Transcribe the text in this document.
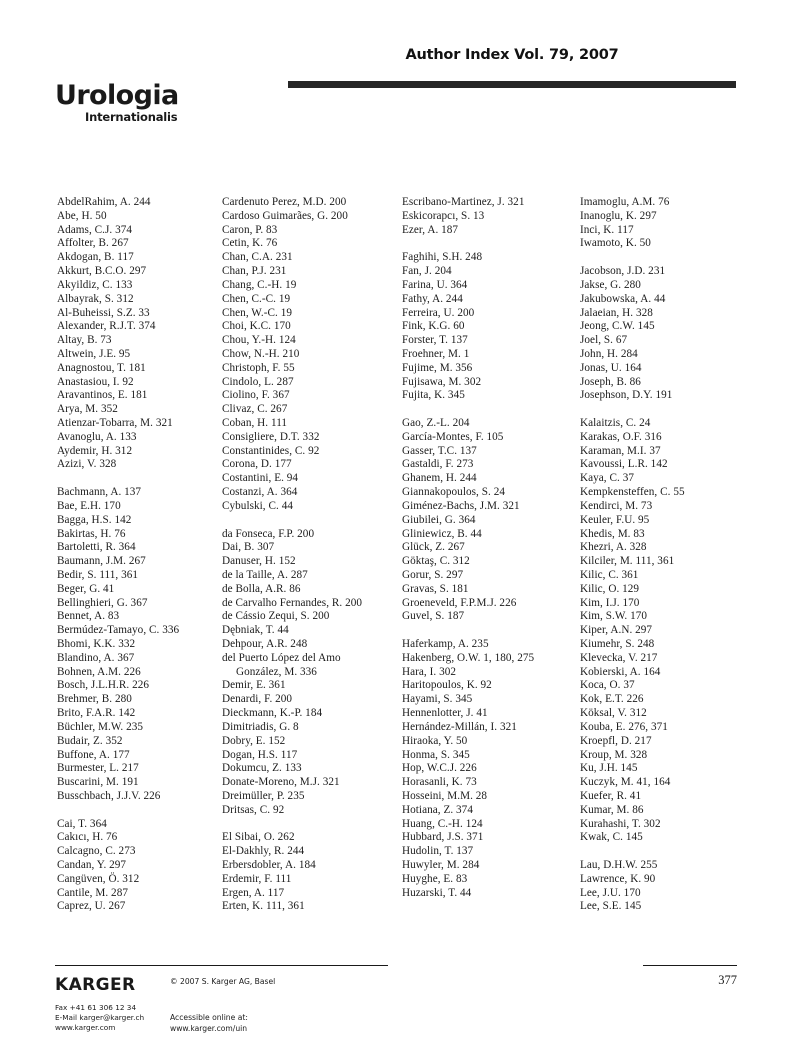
Urologia
Internationalis
Author Index Vol. 79, 2007
AbdelRahim, A. 244
Abe, H. 50
Adams, C.J. 374
Affolter, B. 267
Akdogan, B. 117
Akkurt, B.C.O. 297
Akyildiz, C. 133
Albayrak, S. 312
Al-Buheissi, S.Z. 33
Alexander, R.J.T. 374
Altay, B. 73
Altwein, J.E. 95
Anagnostou, T. 181
Anastasiou, I. 92
Aravantinos, E. 181
Arya, M. 352
Atienzar-Tobarra, M. 321
Avanoglu, A. 133
Aydemir, H. 312
Azizi, V. 328
Bachmann, A. 137
Bae, E.H. 170
Bagga, H.S. 142
Bakirtas, H. 76
Bartoletti, R. 364
Baumann, J.M. 267
Bedir, S. 111, 361
Beger, G. 41
Bellinghieri, G. 367
Bennet, A. 83
Bermúdez-Tamayo, C. 336
Bhomi, K.K. 332
Blandino, A. 367
Bohnen, A.M. 226
Bosch, J.L.H.R. 226
Brehmer, B. 280
Brito, F.A.R. 142
Büchler, M.W. 235
Budair, Z. 352
Buffone, A. 177
Burmester, L. 217
Buscarini, M. 191
Busschbach, J.J.V. 226
Cai, T. 364
Cakıcı, H. 76
Calcagno, C. 273
Candan, Y. 297
Cangüven, Ö. 312
Cantile, M. 287
Caprez, U. 267
Cardenuto Perez, M.D. 200
Cardoso Guimarães, G. 200
Caron, P. 83
Cetin, K. 76
Chan, C.A. 231
Chan, P.J. 231
Chang, C.-H. 19
Chen, C.-C. 19
Chen, W.-C. 19
Choi, K.C. 170
Chou, Y.-H. 124
Chow, N.-H. 210
Christoph, F. 55
Cindolo, L. 287
Ciolino, F. 367
Clivaz, C. 267
Coban, H. 111
Consigliere, D.T. 332
Constantinides, C. 92
Corona, D. 177
Costantini, E. 94
Costanzi, A. 364
Cybulski, C. 44
da Fonseca, F.P. 200
Dai, B. 307
Danuser, H. 152
de la Taille, A. 287
de Bolla, A.R. 86
de Carvalho Fernandes, R. 200
de Cássio Zequi, S. 200
Dębniak, T. 44
Dehpour, A.R. 248
del Puerto López del Amo
González, M. 336
Demir, E. 361
Denardi, F. 200
Dieckmann, K.-P. 184
Dimitriadis, G. 8
Dobry, E. 152
Dogan, H.S. 117
Dokumcu, Z. 133
Donate-Moreno, M.J. 321
Dreimüller, P. 235
Dritsas, C. 92
El Sibai, O. 262
El-Dakhly, R. 244
Erbersdobler, A. 184
Erdemir, F. 111
Ergen, A. 117
Erten, K. 111, 361
Escribano-Martinez, J. 321
Eskicorapcı, S. 13
Ezer, A. 187
Faghihi, S.H. 248
Fan, J. 204
Farina, U. 364
Fathy, A. 244
Ferreira, U. 200
Fink, K.G. 60
Forster, T. 137
Froehner, M. 1
Fujime, M. 356
Fujisawa, M. 302
Fujita, K. 345
Gao, Z.-L. 204
García-Montes, F. 105
Gasser, T.C. 137
Gastaldi, F. 273
Ghanem, H. 244
Giannakopoulos, S. 24
Giménez-Bachs, J.M. 321
Giubilei, G. 364
Gliniewicz, B. 44
Glück, Z. 267
Göktaş, C. 312
Gorur, S. 297
Gravas, S. 181
Groeneveld, F.P.M.J. 226
Guvel, S. 187
Haferkamp, A. 235
Hakenberg, O.W. 1, 180, 275
Hara, I. 302
Haritopoulos, K. 92
Hayami, S. 345
Hennenlotter, J. 41
Hernández-Millán, I. 321
Hiraoka, Y. 50
Honma, S. 345
Hop, W.C.J. 226
Horasanli, K. 73
Hosseini, M.M. 28
Hotiana, Z. 374
Huang, C.-H. 124
Hubbard, J.S. 371
Hudolin, T. 137
Huwyler, M. 284
Huyghe, E. 83
Huzarski, T. 44
Imamoglu, A.M. 76
Inanoglu, K. 297
Inci, K. 117
Iwamoto, K. 50
Jacobson, J.D. 231
Jakse, G. 280
Jakubowska, A. 44
Jalaeian, H. 328
Jeong, C.W. 145
Joel, S. 67
John, H. 284
Jonas, U. 164
Joseph, B. 86
Josephson, D.Y. 191
Kalaitzis, C. 24
Karakas, O.F. 316
Karaman, M.I. 37
Kavoussi, L.R. 142
Kaya, C. 37
Kempkensteffen, C. 55
Kendirci, M. 73
Keuler, F.U. 95
Khedis, M. 83
Khezri, A. 328
Kilciler, M. 111, 361
Kilic, C. 361
Kilic, O. 129
Kim, I.J. 170
Kim, S.W. 170
Kiper, A.N. 297
Kiumehr, S. 248
Klevecka, V. 217
Kobierski, A. 164
Koca, O. 37
Kok, E.T. 226
Köksal, V. 312
Kouba, E. 276, 371
Kroepfl, D. 217
Kroup, M. 328
Ku, J.H. 145
Kuczyk, M. 41, 164
Kuefer, R. 41
Kumar, M. 86
Kurahashi, T. 302
Kwak, C. 145
Lau, D.H.W. 255
Lawrence, K. 90
Lee, J.U. 170
Lee, S.E. 145
KARGER
Fax +41 61 306 12 34
E-Mail karger@karger.ch
www.karger.com
© 2007 S. Karger AG, Basel
Accessible online at:
www.karger.com/uin
377
